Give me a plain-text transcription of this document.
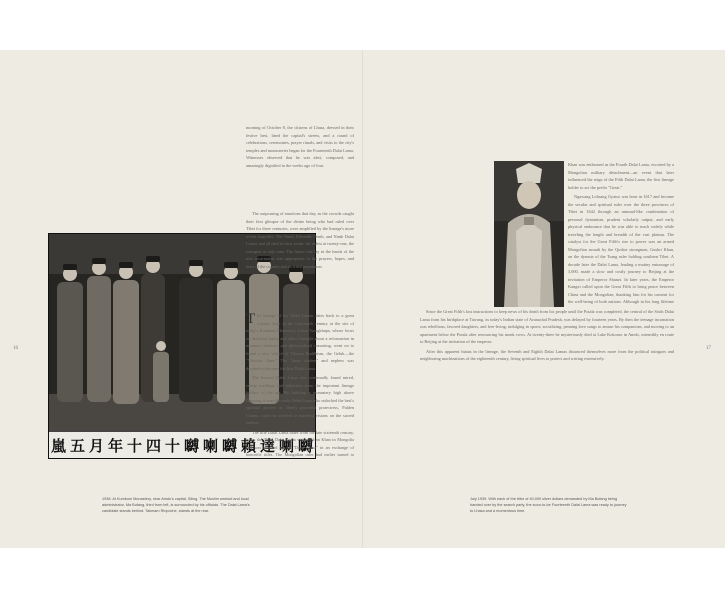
16
嵐 五 月 年 十 四 十 嚩 喇 嚩 賴 達 喇 嚩

morning of October 8, the citizens of Lhasa, dressed in their festive best, lined the capital's streets, and a round of celebrations, ceremonies, prayer rituals, and visits to the city's temples and monasteries began for the Fourteenth Dalai Lama. Witnesses observed that he was alert, composed, and amazingly dignified in the weeks ago of four.

The outpouring of emotions that day, as the crowds caught their first glimpse of the divine being who had ruled over Tibet for three centuries, were amplified by the lineage's more recent tragedies. The Ninth, Eleventh, Tenth, and Ninth Dalai Lamas had all died in their youth: the eldest at twenty-one, the youngest at only nine. The future rule lay in the hands of the new incarnation was appropriate to the prayers, hopes, and fears of the country and its tribal population.

The lineage of the Dalai Lamas dates back to a great scholar, born in the fourteenth century at the site of today's Kumbum Monastery, Lama Tsongkhapa, whose focus on doctrinal purity and ethics brought about a reformation in monastic behavior and philosophical reasoning, went on to found a new school of Tibetan Buddhism, the Geluk—the "Virtuous Ones." The "inner student" and nephew was destined to become the first Dalai Lama.

The Second Dalai Lama was continually found mired, taking teachings and initiations from the important lineage holders of the era. By building a monastery high above Drepung, it was this early Dalai Lama who unlocked the best's spiritual powers at Tibet's powerful protectress, Palden Lhamo, could be invoked to manifest visions on the sacred surface.

The title Dalai Lama dates from the late sixteenth century, when the Third Dalai Lama visited Altan Khan in Mongolia and was honored as the "Dalai Lama" in an exchange of honorific titles. The Mongolian ruler had earlier turned to

1938. At Kumbum Monastery, near Amdo's capital, Siling. The Muslim warlord and local administrator, Ma Bufang, third from left, is surrounded by his officials. The Dalai Lama's candidate stands behind. Takmam Rinpoche, stands at the rear.
17

Khan was enthroned as the Fourth Dalai Lama, escorted by a Mongolian military detachment—an event that later influenced the reign of the Fifth Dalai Lama, the first lineage holder to act the prefix "Great."

Ngawang Lobsang Gyatso was born in 1617 and became the secular and spiritual ruler over the three provinces of Tibet in 1642 through an unusual-like combination of personal dynamism, prudent scholarly output, and early physical endurance that he was able to teach widely while traveling the length and breadth of the vast plateau. The catalyst for the Great Fifth's rise to power was an armed Mongolian assault by the Qoshot strongman, Gushri Khan, on the dynasts of the Tsang ruler holding southern Tibet. A decade later the Dalai Lama, leading a mutiny entourage of 3,000, made a slow and costly journey to Beijing at the invitation of Emperor Shunzi. In later years, the Emperor Kangxi called upon the Great Fifth to bring peace between China and the Mongolian, thanking him for his consent for the well-being of both nations. Although in his long lifetime

Since the Great Fifth's last instructions to keep news of his death from his people until the Potala was completed, the central of the Sixth Dalai Lama from his birthplace at Tawang, in today's Indian state of Arunachal Pradesh, was delayed by fourteen years. By then the teenage incarnation was rebellious, favored daughters, and free-living, indulging in sports, socializing, penning love songs to amuse his companions, and moving to an apartment below the Potala after renouncing his monk vows. At twenty-three he mysteriously died at Lake Kokonor in Amdo, ostensibly en route to Beijing at the invitation of the emperor.

After this apparent hiatus in the lineage, the Seventh and Eighth Dalai Lamas distanced themselves more from the political intrigues and neighboring machinations of the eighteenth century, living spiritual lives to protect and writing extensively.

July 1939. With each of the tribe of 40,000 silver dollars demanded by Ma Bufang being handed over by the search party, the soon-to-be Fourteenth Dalai Lama was ready to journey to Lhasa and a momentous time.
